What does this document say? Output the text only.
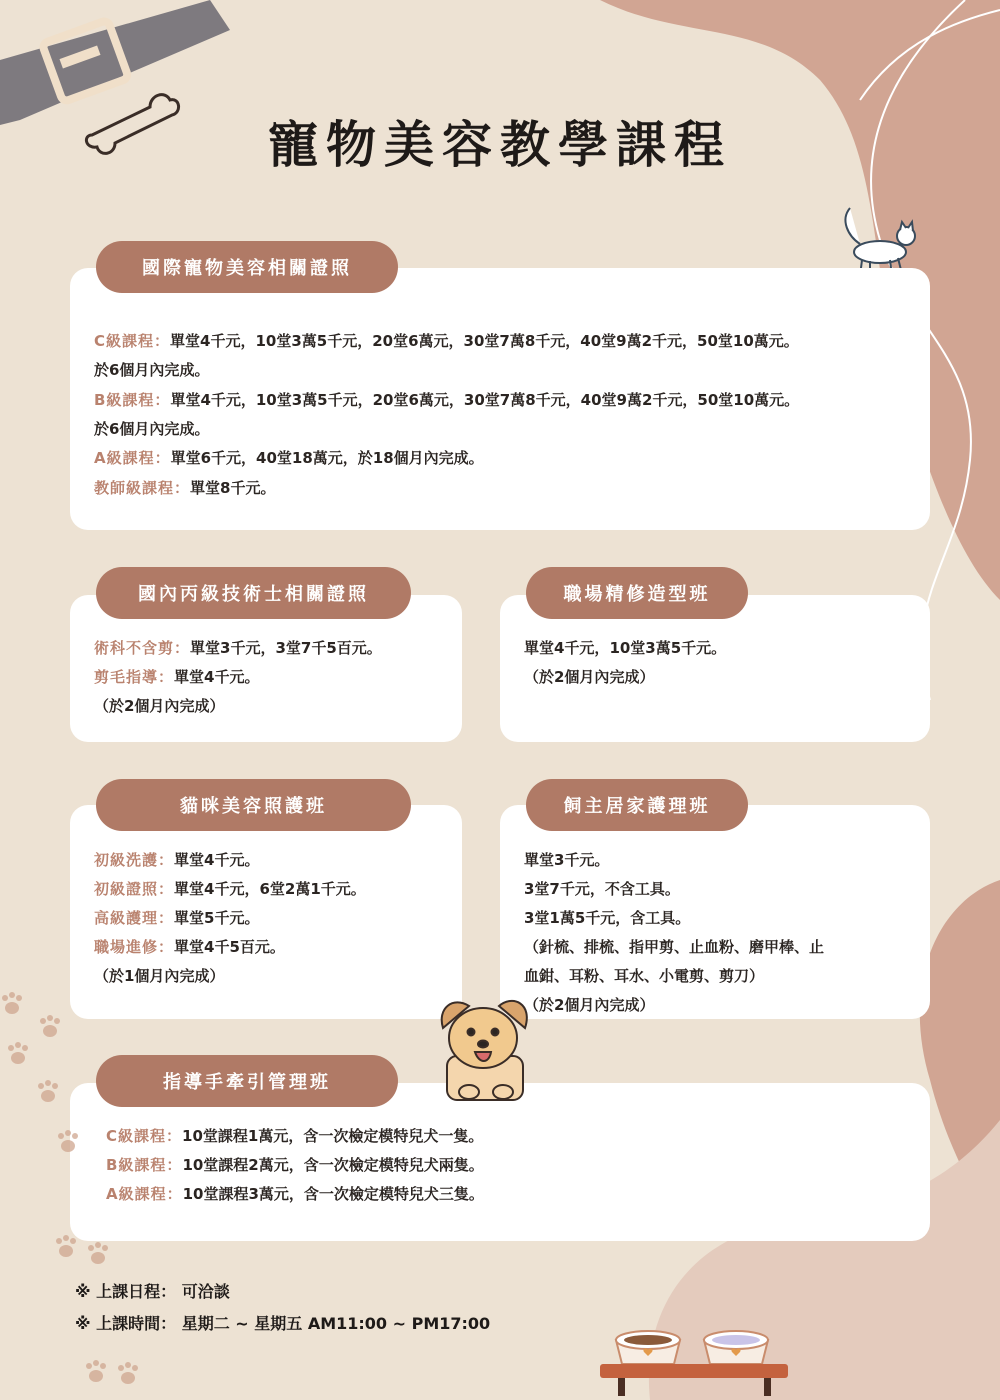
寵物美容教學課程
國際寵物美容相關證照
國內丙級技術士相關證照	職場精修造型班
貓咪美容照護班	飼主居家護理班
指導手牽引管理班
※ 上課日程： 可洽談
※ 上課時間： 星期二 ~ 星期五 AM11:00 ~ PM17:00
C級課程：單堂4千元，10堂3萬5千元，20堂6萬元，30堂7萬8千元，40堂9萬2千元，50堂10萬元。
於6個月內完成。
B級課程：單堂4千元，10堂3萬5千元，20堂6萬元，30堂7萬8千元，40堂9萬2千元，50堂10萬元。
於6個月內完成。
A級課程：單堂6千元，40堂18萬元，於18個月內完成。
教師級課程：單堂8千元。
術科不含剪：單堂3千元，3堂7千5百元。
剪毛指導：單堂4千元。
（於2個月內完成）
單堂4千元，10堂3萬5千元。
（於2個月內完成）
初級洗護：單堂4千元。
初級證照：單堂4千元，6堂2萬1千元。
高級護理：單堂5千元。
職場進修：單堂4千5百元。
（於1個月內完成）
單堂3千元。
3堂7千元，不含工具。
3堂1萬5千元，含工具。
（針梳、排梳、指甲剪、止血粉、磨甲棒、止
血鉗、耳粉、耳水、小電剪、剪刀）
（於2個月內完成）
C級課程：10堂課程1萬元，含一次檢定模特兒犬一隻。
B級課程：10堂課程2萬元，含一次檢定模特兒犬兩隻。
A級課程：10堂課程3萬元，含一次檢定模特兒犬三隻。
